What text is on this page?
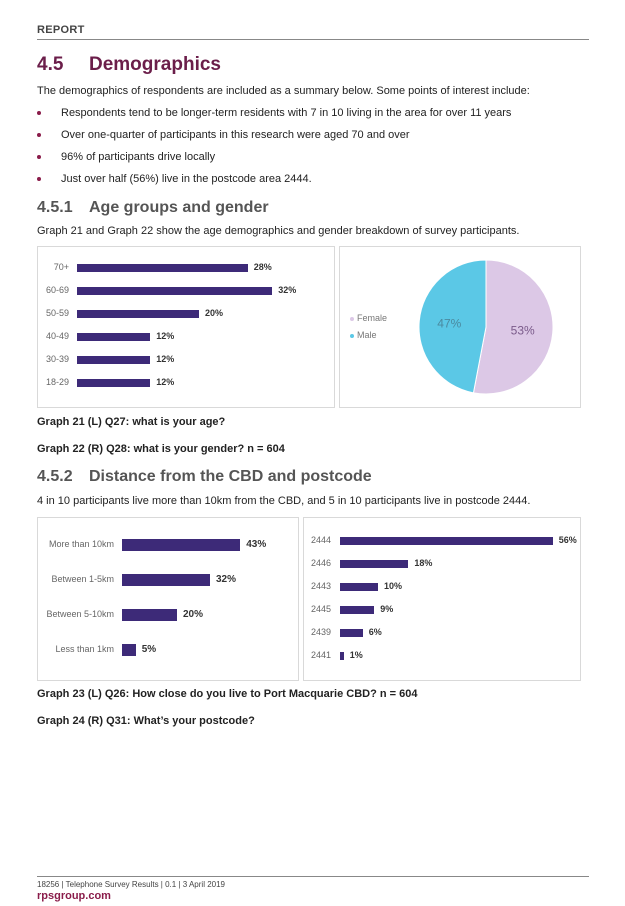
REPORT
4.5 Demographics
The demographics of respondents are included as a summary below. Some points of interest include:
Respondents tend to be longer-term residents with 7 in 10 living in the area for over 11 years
Over one-quarter of participants in this research were aged 70 and over
96% of participants drive locally
Just over half (56%) live in the postcode area 2444.
4.5.1 Age groups and gender
Graph 21 and Graph 22 show the age demographics and gender breakdown of survey participants.
70+	28%
60-69	32%
50-59	20%
40-49	12%
30-39	12%
18-29	12%
Female
Male	53%
47%
Graph 21 (L) Q27: what is your age?
Graph 22 (R) Q28: what is your gender? n = 604
4.5.2 Distance from the CBD and postcode
4 in 10 participants live more than 10km from the CBD, and 5 in 10 participants live in postcode 2444.
More than 10km	43%
Between 1-5km	32%
Between 5-10km	20%
Less than 1km	5%
2444	56%
2446	18%
2443	10%
2445	9%
2439	6%
2441 1%
Graph 23 (L) Q26: How close do you live to Port Macquarie CBD? n = 604
Graph 24 (R) Q31: What’s your postcode?
18256 | Telephone Survey Results | 0.1 | 3 April 2019
rpsgroup.com
